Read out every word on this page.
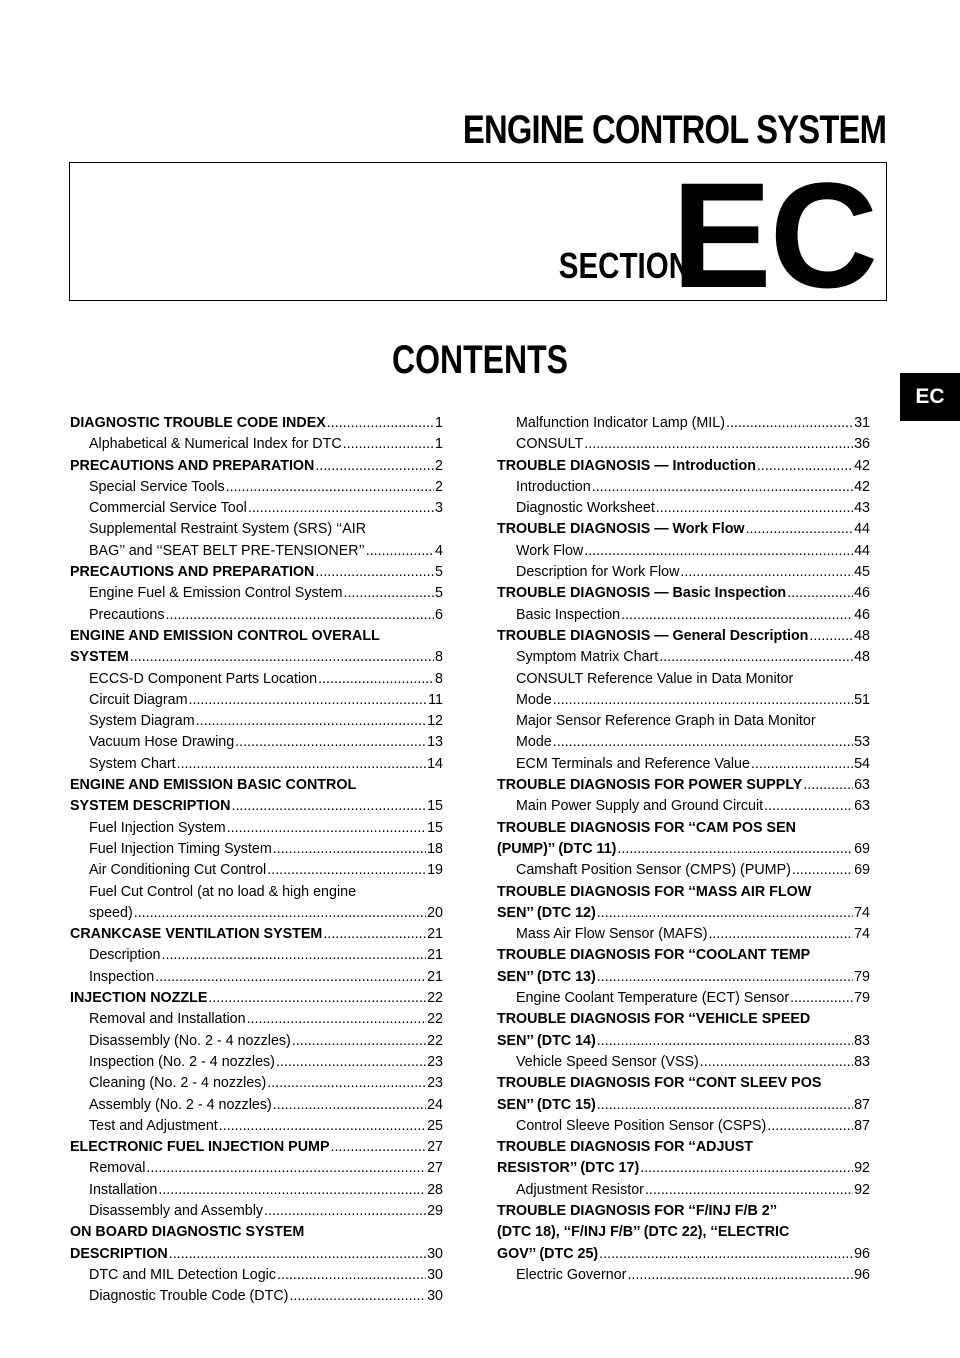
ENGINE CONTROL SYSTEM
SECTION
EC
CONTENTS
EC
DIAGNOSTIC TROUBLE CODE INDEX .....	1
Alphabetical & Numerical Index for DTC .....	1
PRECAUTIONS AND PREPARATION .....	2
Special Service Tools .....	2
Commercial Service Tool .....	3
Supplemental Restraint System (SRS) ‘‘AIR
BAG’’ and ‘‘SEAT BELT PRE-TENSIONER’’ .....	4
PRECAUTIONS AND PREPARATION .....	5
Engine Fuel & Emission Control System .....	5
Precautions .....	6
ENGINE AND EMISSION CONTROL OVERALL
SYSTEM .....	8
ECCS-D Component Parts Location .....	8
Circuit Diagram .....	11
System Diagram .....	12
Vacuum Hose Drawing .....	13
System Chart .....	14
ENGINE AND EMISSION BASIC CONTROL
SYSTEM DESCRIPTION .....	15
Fuel Injection System .....	15
Fuel Injection Timing System .....	18
Air Conditioning Cut Control .....	19
Fuel Cut Control (at no load & high engine
speed) .....	20
CRANKCASE VENTILATION SYSTEM .....	21
Description .....	21
Inspection .....	21
INJECTION NOZZLE .....	22
Removal and Installation .....	22
Disassembly (No. 2 - 4 nozzles) .....	22
Inspection (No. 2 - 4 nozzles) .....	23
Cleaning (No. 2 - 4 nozzles) .....	23
Assembly (No. 2 - 4 nozzles) .....	24
Test and Adjustment .....	25
ELECTRONIC FUEL INJECTION PUMP .....	27
Removal .....	27
Installation .....	28
Disassembly and Assembly .....	29
ON BOARD DIAGNOSTIC SYSTEM
DESCRIPTION .....	30
DTC and MIL Detection Logic .....	30
Diagnostic Trouble Code (DTC) .....	30
Malfunction Indicator Lamp (MIL) .....	31
CONSULT .....	36
TROUBLE DIAGNOSIS — Introduction .....	42
Introduction .....	42
Diagnostic Worksheet .....	43
TROUBLE DIAGNOSIS — Work Flow .....	44
Work Flow .....	44
Description for Work Flow .....	45
TROUBLE DIAGNOSIS — Basic Inspection .....	46
Basic Inspection .....	46
TROUBLE DIAGNOSIS — General Description .....	48
Symptom Matrix Chart .....	48
CONSULT Reference Value in Data Monitor
Mode .....	51
Major Sensor Reference Graph in Data Monitor
Mode .....	53
ECM Terminals and Reference Value .....	54
TROUBLE DIAGNOSIS FOR POWER SUPPLY .....	63
Main Power Supply and Ground Circuit .....	63
TROUBLE DIAGNOSIS FOR ‘‘CAM POS SEN
(PUMP)’’ (DTC 11) .....	69
Camshaft Position Sensor (CMPS) (PUMP) .....	69
TROUBLE DIAGNOSIS FOR ‘‘MASS AIR FLOW
SEN’’ (DTC 12) .....	74
Mass Air Flow Sensor (MAFS) .....	74
TROUBLE DIAGNOSIS FOR ‘‘COOLANT TEMP
SEN’’ (DTC 13) .....	79
Engine Coolant Temperature (ECT) Sensor .....	79
TROUBLE DIAGNOSIS FOR ‘‘VEHICLE SPEED
SEN’’ (DTC 14) .....	83
Vehicle Speed Sensor (VSS) .....	83
TROUBLE DIAGNOSIS FOR ‘‘CONT SLEEV POS
SEN’’ (DTC 15) .....	87
Control Sleeve Position Sensor (CSPS) .....	87
TROUBLE DIAGNOSIS FOR ‘‘ADJUST
RESISTOR’’ (DTC 17) .....	92
Adjustment Resistor .....	92
TROUBLE DIAGNOSIS FOR ‘‘F/INJ F/B 2’’
(DTC 18), ‘‘F/INJ F/B’’ (DTC 22), ‘‘ELECTRIC
GOV’’ (DTC 25) .....	96
Electric Governor .....	96
